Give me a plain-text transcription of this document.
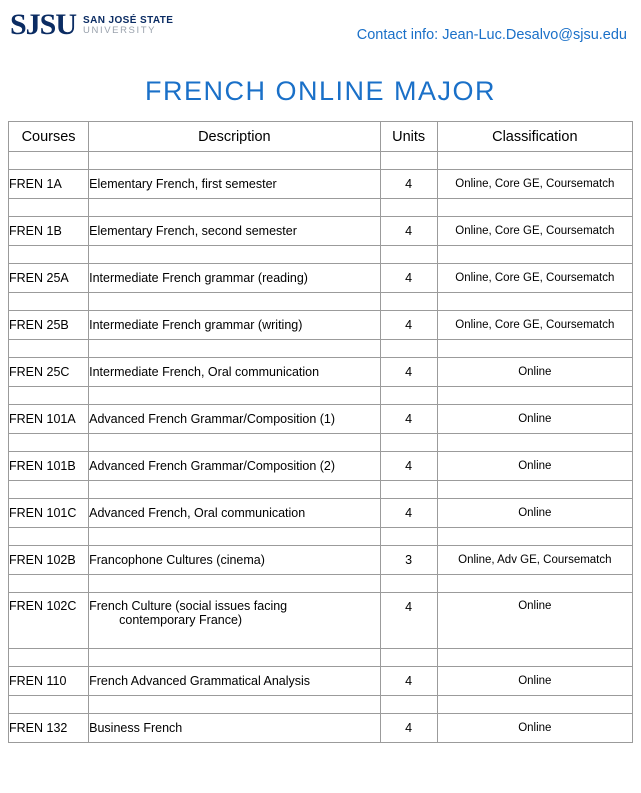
SJSU SAN JOSÉ STATE
UNIVERSITY	Contact info: Jean-Luc.Desalvo@sjsu.edu
FRENCH ONLINE MAJOR
Courses	Description	Units	Classification

FREN 1A	Elementary French, first semester	4	Online, Core GE, Coursematch

FREN 1B	Elementary French, second semester	4	Online, Core GE, Coursematch

FREN 25A	Intermediate French grammar (reading)	4	Online, Core GE, Coursematch

FREN 25B	Intermediate French grammar (writing)	4	Online, Core GE, Coursematch

FREN 25C	Intermediate French, Oral communication	4	Online

FREN 101A	Advanced French Grammar/Composition (1)	4	Online

FREN 101B	Advanced French Grammar/Composition (2)	4	Online

FREN 101C	Advanced French, Oral communication	4	Online

FREN 102B	Francophone Cultures (cinema)	3	Online, Adv GE, Coursematch

FREN 102C	French Culture (social issues facing
contemporary France)	4	Online

FREN 110	French Advanced Grammatical Analysis	4	Online

FREN 132	Business French	4	Online
